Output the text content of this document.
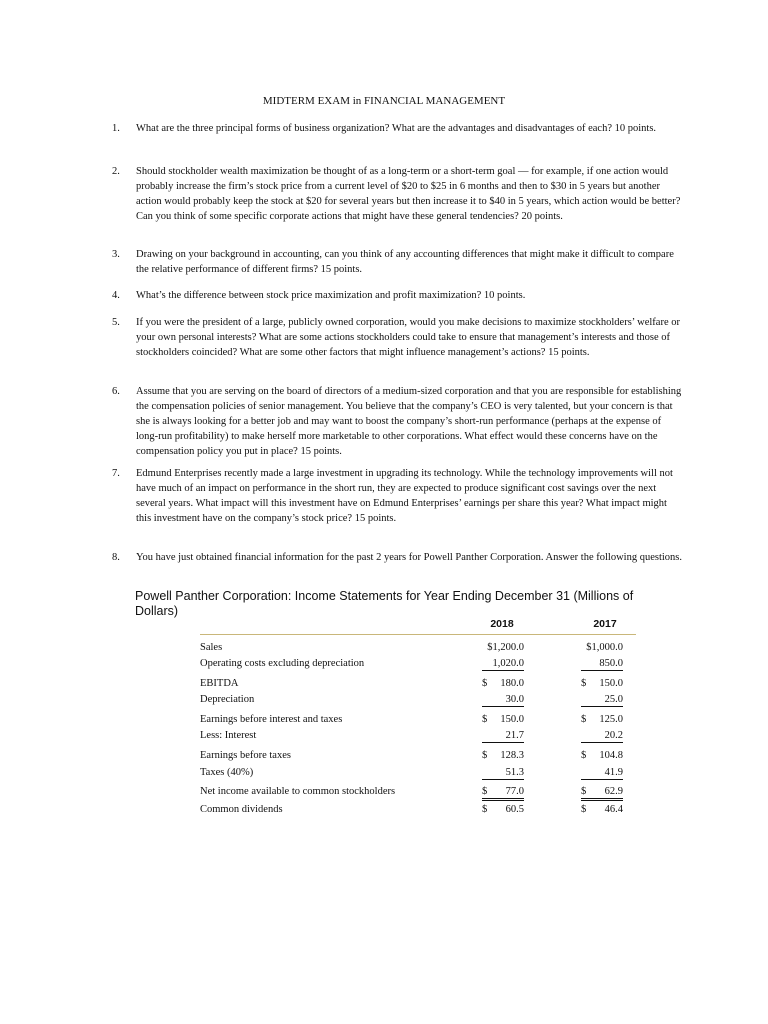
MIDTERM EXAM in FINANCIAL MANAGEMENT
1.	What are the three principal forms of business organization? What are the advantages and disadvantages of each? 10 points.
2.	Should stockholder wealth maximization be thought of as a long-term or a short-term goal — for example, if one action would probably increase the firm’s stock price from a current level of $20 to $25 in 6 months and then to $30 in 5 years but another action would probably keep the stock at $20 for several years but then increase it to $40 in 5 years, which action would be better? Can you think of some specific corporate actions that might have these general tendencies? 20 points.
3.	Drawing on your background in accounting, can you think of any accounting differences that might make it difficult to compare the relative performance of different firms? 15 points.
4.	What’s the difference between stock price maximization and profit maximization? 10 points.
5.	If you were the president of a large, publicly owned corporation, would you make decisions to maximize stockholders’ welfare or your own personal interests? What are some actions stockholders could take to ensure that management’s interests and those of stockholders coincided? What are some other factors that might influence management’s actions? 15 points.
6.	Assume that you are serving on the board of directors of a medium-sized corporation and that you are responsible for establishing the compensation policies of senior management. You believe that the company’s CEO is very talented, but your concern is that she is always looking for a better job and may want to boost the company’s short-run performance (perhaps at the expense of long-run profitability) to make herself more marketable to other corporations. What effect would these concerns have on the compensation policy you put in place? 15 points.
7.	Edmund Enterprises recently made a large investment in upgrading its technology. While the technology improvements will not have much of an impact on performance in the short run, they are expected to produce significant cost savings over the next several years. What impact will this investment have on Edmund Enterprises’ earnings per share this year? What impact might this investment have on the company’s stock price? 15 points.
8.	You have just obtained financial information for the past 2 years for Powell Panther Corporation. Answer the following questions.
Powell Panther Corporation: Income Statements for Year Ending December 31 (Millions of Dollars)
2018	2017
Sales	$1,200.0	$1,000.0
Operating costs excluding depreciation	1,020.0	850.0
EBITDA	$ 180.0	$ 150.0
Depreciation	30.0	25.0
Earnings before interest and taxes	$ 150.0	$ 125.0
Less: Interest	21.7	20.2
Earnings before taxes	$ 128.3	$ 104.8
Taxes (40%)	51.3	41.9
Net income available to common stockholders	$ 77.0	$ 62.9
Common dividends	$ 60.5	$ 46.4
